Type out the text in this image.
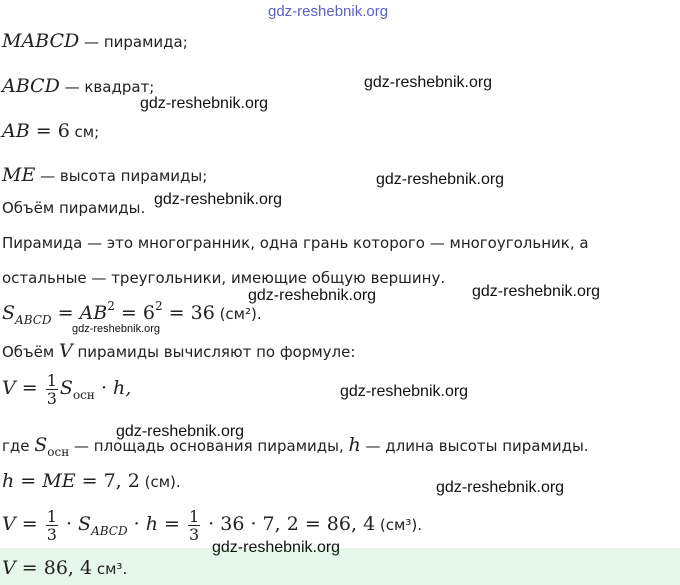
gdz-reshebnik.org
gdz-reshebnik.org
gdz-reshebnik.org
gdz-reshebnik.org
gdz-reshebnik.org
gdz-reshebnik.org	gdz-reshebnik.org
gdz-reshebnik.org
gdz-reshebnik.org
gdz-reshebnik.org
gdz-reshebnik.org
gdz-reshebnik.org
MABCD — пирамида;
ABCD — квадрат;
AB = 6 см;
ME — высота пирамиды;
Объём пирамиды.
Пирамида — это многогранник, одна грань которого — многоугольник, а
остальные — треугольники, имеющие общую вершину.
$S_{ABCD} = AB^2 = 6^2 = 36$ (см²).
Объём V пирамиды вычисляют по формуле:
$V = \frac{1}{3} S_{осн} \cdot h$,
где $S_{осн}$ — площадь основания пирамиды, h — длина высоты пирамиды.
h = ME = 7, 2 (см).
$V = \frac{1}{3} \cdot S_{ABCD} \cdot h = \frac{1}{3} \cdot 36 \cdot 7$, 2 = 86, 4 (см³).
V = 86, 4 см³.
